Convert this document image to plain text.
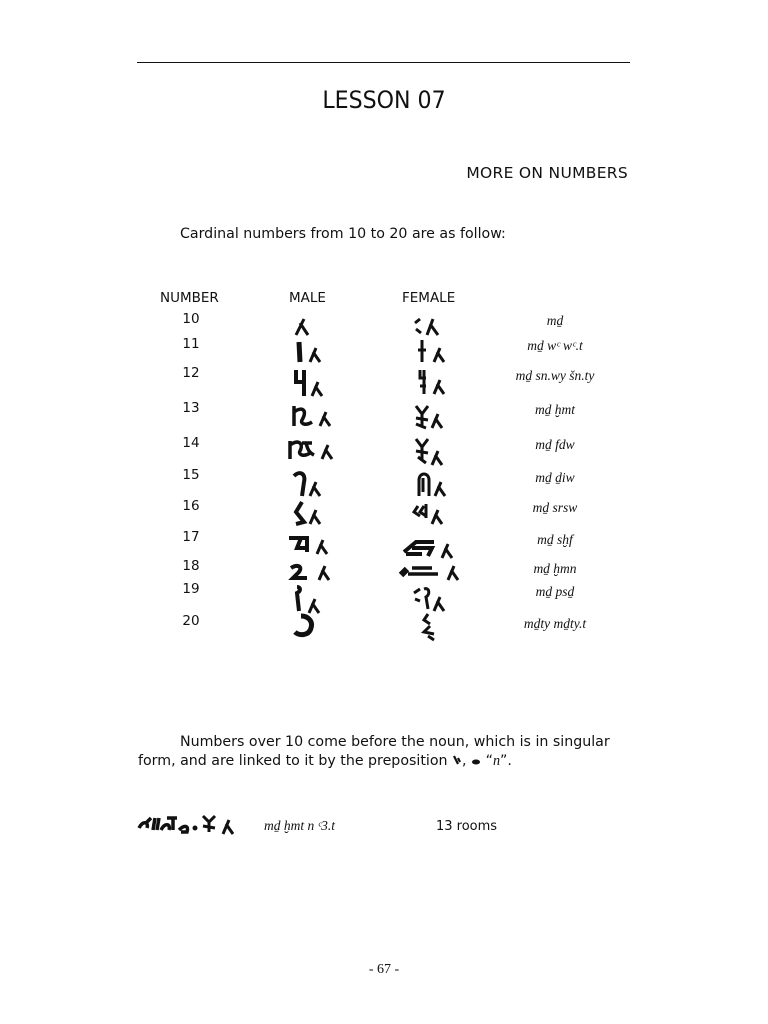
LESSON 07
MORE ON NUMBERS
Cardinal numbers from 10 to 20 are as follow:
NUMBER	MALE	FEMALE
10	mḏ
11	mḏ wᶜ wᶜ.t
12	mḏ sn.wy šn.ty
13	mḏ ḫmt
14	mḏ fdw
15	mḏ ḏiw
16	mḏ srsw
17	mḏ sḫf
18	mḏ ḫmn
19	mḏ psḏ
20	mḏty mḏty.t
Numbers over 10 come before the noun, which is in singular
form, and are linked to it by the preposition , “n”.
mḏ ḫmt n ᶜ3.t	13 rooms
- 67 -
